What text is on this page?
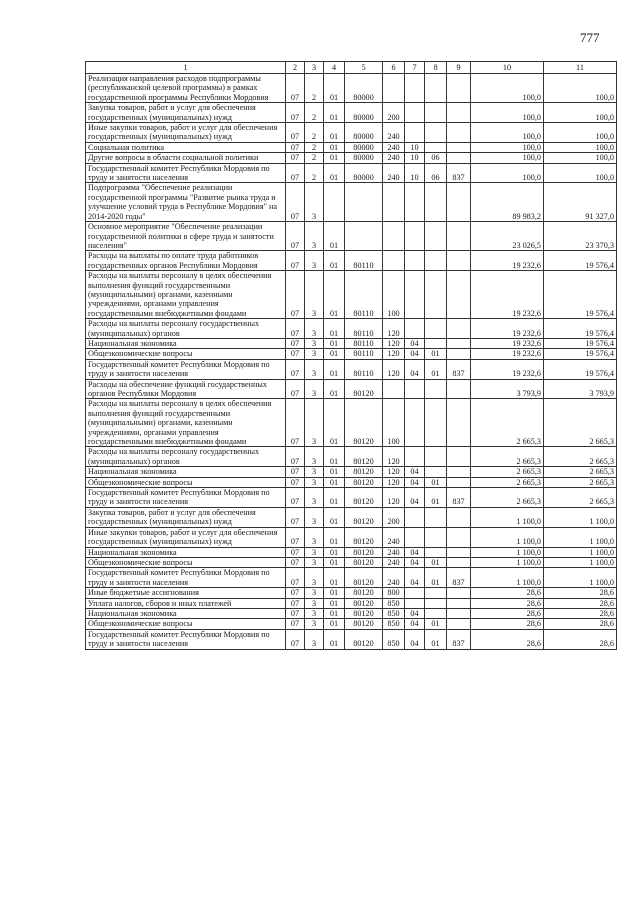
777
1	2	3	4	5	6	7	8	9	10	11
Реализация направления расходов подпрограммы (республиканской целевой программы) в рамках государственной программы Республики Мордовия	07	2	01	80000					100,0	100,0
Закупка товаров, работ и услуг для обеспечения государственных (муниципальных) нужд	07	2	01	80000	200				100,0	100,0
Иные закупки товаров, работ и услуг для обеспечения государственных (муниципальных) нужд	07	2	01	80000	240				100,0	100,0
Социальная политика	07	2	01	80000	240	10			100,0	100,0
Другие вопросы в области социальной политики	07	2	01	80000	240	10	06		100,0	100,0
Государственный комитет Республики Мордовия по труду и занятости населения	07	2	01	80000	240	10	06	837	100,0	100,0
Подпрограмма "Обеспечение реализации государственной программы "Развитие рынка труда и улучшение условий труда в Республике Мордовия" на 2014-2020 годы"	07	3							89 983,2	91 327,0
Основное мероприятие "Обеспечение реализации государственной политики в сфере труда и занятости населения"	07	3	01						23 026,5	23 370,3
Расходы на выплаты по оплате труда работников государственных органов Республики Мордовия	07	3	01	80110					19 232,6	19 576,4
Расходы на выплаты персоналу в целях обеспечения выполнения функций государственными (муниципальными) органами, казенными учреждениями, органами управления государственными внебюджетными фондами	07	3	01	80110	100				19 232,6	19 576,4
Расходы на выплаты персоналу государственных (муниципальных) органов	07	3	01	80110	120				19 232,6	19 576,4
Национальная экономика	07	3	01	80110	120	04			19 232,6	19 576,4
Общеэкономические вопросы	07	3	01	80110	120	04	01		19 232,6	19 576,4
Государственный комитет Республики Мордовия по труду и занятости населения	07	3	01	80110	120	04	01	837	19 232,6	19 576,4
Расходы на обеспечение функций государственных органов Республики Мордовия	07	3	01	80120					3 793,9	3 793,9
Расходы на выплаты персоналу в целях обеспечения выполнения функций государственными (муниципальными) органами, казенными учреждениями, органами управления государственными внебюджетными фондами	07	3	01	80120	100				2 665,3	2 665,3
Расходы на выплаты персоналу государственных (муниципальных) органов	07	3	01	80120	120				2 665,3	2 665,3
Национальная экономика	07	3	01	80120	120	04			2 665,3	2 665,3
Общеэкономические вопросы	07	3	01	80120	120	04	01		2 665,3	2 665,3
Государственный комитет Республики Мордовия по труду и занятости населения	07	3	01	80120	120	04	01	837	2 665,3	2 665,3
Закупка товаров, работ и услуг для обеспечения государственных (муниципальных) нужд	07	3	01	80120	200				1 100,0	1 100,0
Иные закупки товаров, работ и услуг для обеспечения государственных (муниципальных) нужд	07	3	01	80120	240				1 100,0	1 100,0
Национальная экономика	07	3	01	80120	240	04			1 100,0	1 100,0
Общеэкономические вопросы	07	3	01	80120	240	04	01		1 100,0	1 100,0
Государственный комитет Республики Мордовия по труду и занятости населения	07	3	01	80120	240	04	01	837	1 100,0	1 100,0
Иные бюджетные ассигнования	07	3	01	80120	800				28,6	28,6
Уплата налогов, сборов и иных платежей	07	3	01	80120	850				28,6	28,6
Национальная экономика	07	3	01	80120	850	04			28,6	28,6
Общеэкономические вопросы	07	3	01	80120	850	04	01		28,6	28,6
Государственный комитет Республики Мордовия по труду и занятости населения	07	3	01	80120	850	04	01	837	28,6	28,6
